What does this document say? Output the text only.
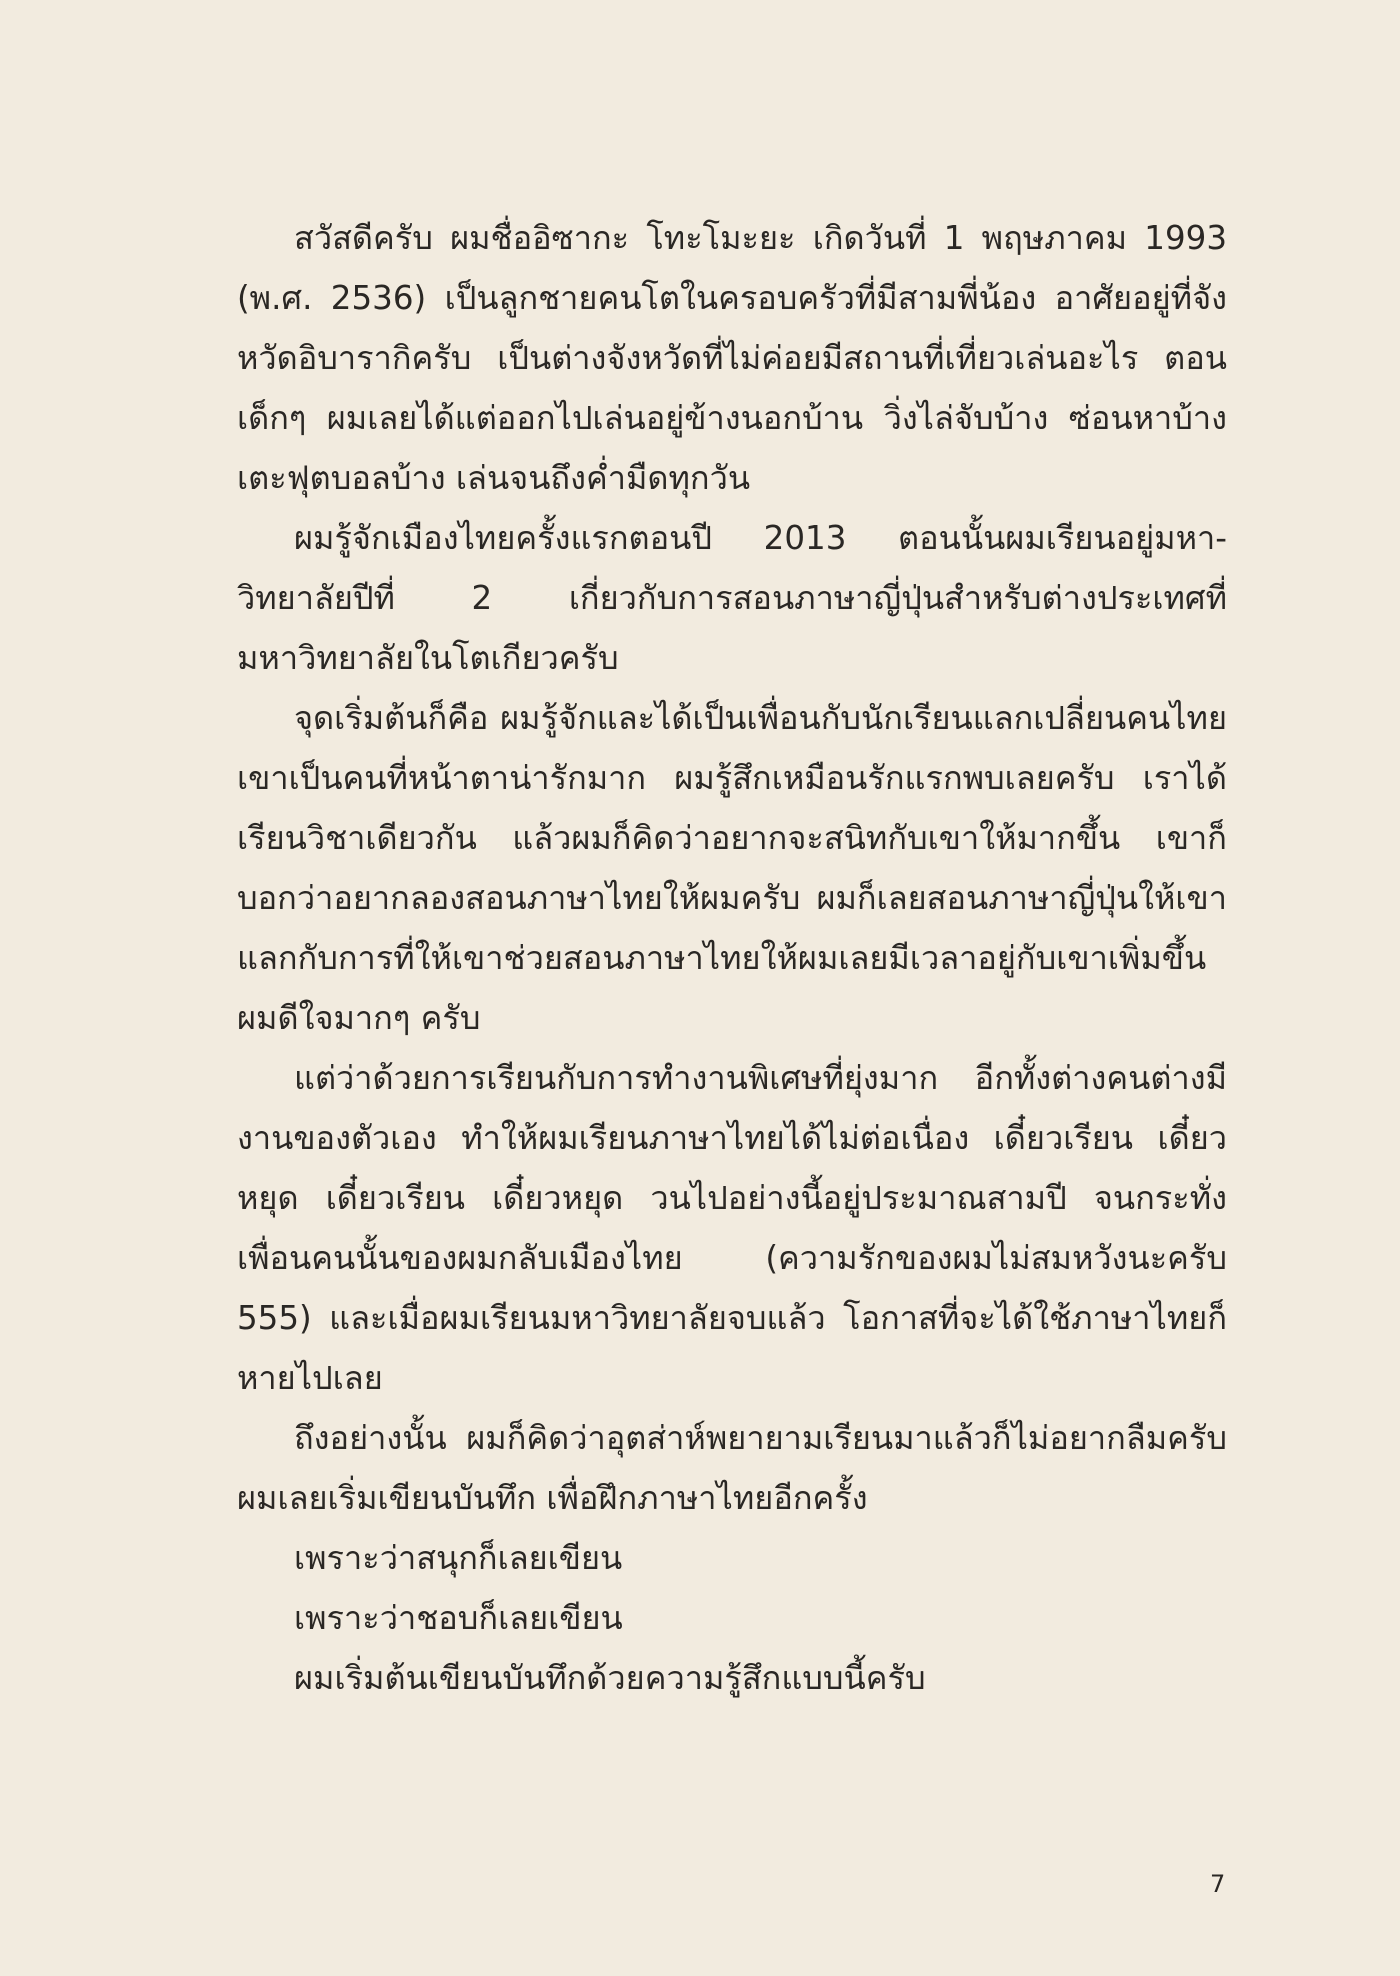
สวัสดีครับ ผมชื่ออิซากะ โทะโมะยะ เกิดวันที่ 1 พฤษภาคม 1993 (พ.ศ. 2536) เป็นลูกชายคนโตในครอบครัวที่มีสามพี่น้อง อาศัยอยู่ที่จังหวัดอิบารากิครับ เป็นต่างจังหวัดที่ไม่ค่อยมีสถานที่เที่ยวเล่นอะไร ตอนเด็กๆ ผมเลยได้แต่ออกไปเล่นอยู่ข้างนอกบ้าน วิ่งไล่จับบ้าง ซ่อนหาบ้าง เตะฟุตบอลบ้าง เล่นจนถึงค่ำมืดทุกวัน

ผมรู้จักเมืองไทยครั้งแรกตอนปี 2013 ตอนนั้นผมเรียนอยู่มหา-วิทยาลัยปีที่ 2 เกี่ยวกับการสอนภาษาญี่ปุ่นสำหรับต่างประเทศที่มหาวิทยาลัยในโตเกียวครับ

จุดเริ่มต้นก็คือ ผมรู้จักและได้เป็นเพื่อนกับนักเรียนแลกเปลี่ยนคนไทย เขาเป็นคนที่หน้าตาน่ารักมาก ผมรู้สึกเหมือนรักแรกพบเลยครับ เราได้เรียนวิชาเดียวกัน แล้วผมก็คิดว่าอยากจะสนิทกับเขาให้มากขึ้น เขาก็บอกว่าอยากลองสอนภาษาไทยให้ผมครับ ผมก็เลยสอนภาษาญี่ปุ่นให้เขาแลกกับการที่ให้เขาช่วยสอนภาษาไทยให้ผมเลยมีเวลาอยู่กับเขาเพิ่มขึ้น ผมดีใจมากๆ ครับ

แต่ว่าด้วยการเรียนกับการทำงานพิเศษที่ยุ่งมาก อีกทั้งต่างคนต่างมีงานของตัวเอง ทำให้ผมเรียนภาษาไทยได้ไม่ต่อเนื่อง เดี๋ยวเรียน เดี๋ยวหยุด เดี๋ยวเรียน เดี๋ยวหยุด วนไปอย่างนี้อยู่ประมาณสามปี จนกระทั่งเพื่อนคนนั้นของผมกลับเมืองไทย (ความรักของผมไม่สมหวังนะครับ 555) และเมื่อผมเรียนมหาวิทยาลัยจบแล้ว โอกาสที่จะได้ใช้ภาษาไทยก็หายไปเลย

ถึงอย่างนั้น ผมก็คิดว่าอุตส่าห์พยายามเรียนมาแล้วก็ไม่อยากลืมครับ ผมเลยเริ่มเขียนบันทึก เพื่อฝึกภาษาไทยอีกครั้ง

เพราะว่าสนุกก็เลยเขียน

เพราะว่าชอบก็เลยเขียน

ผมเริ่มต้นเขียนบันทึกด้วยความรู้สึกแบบนี้ครับ

7
